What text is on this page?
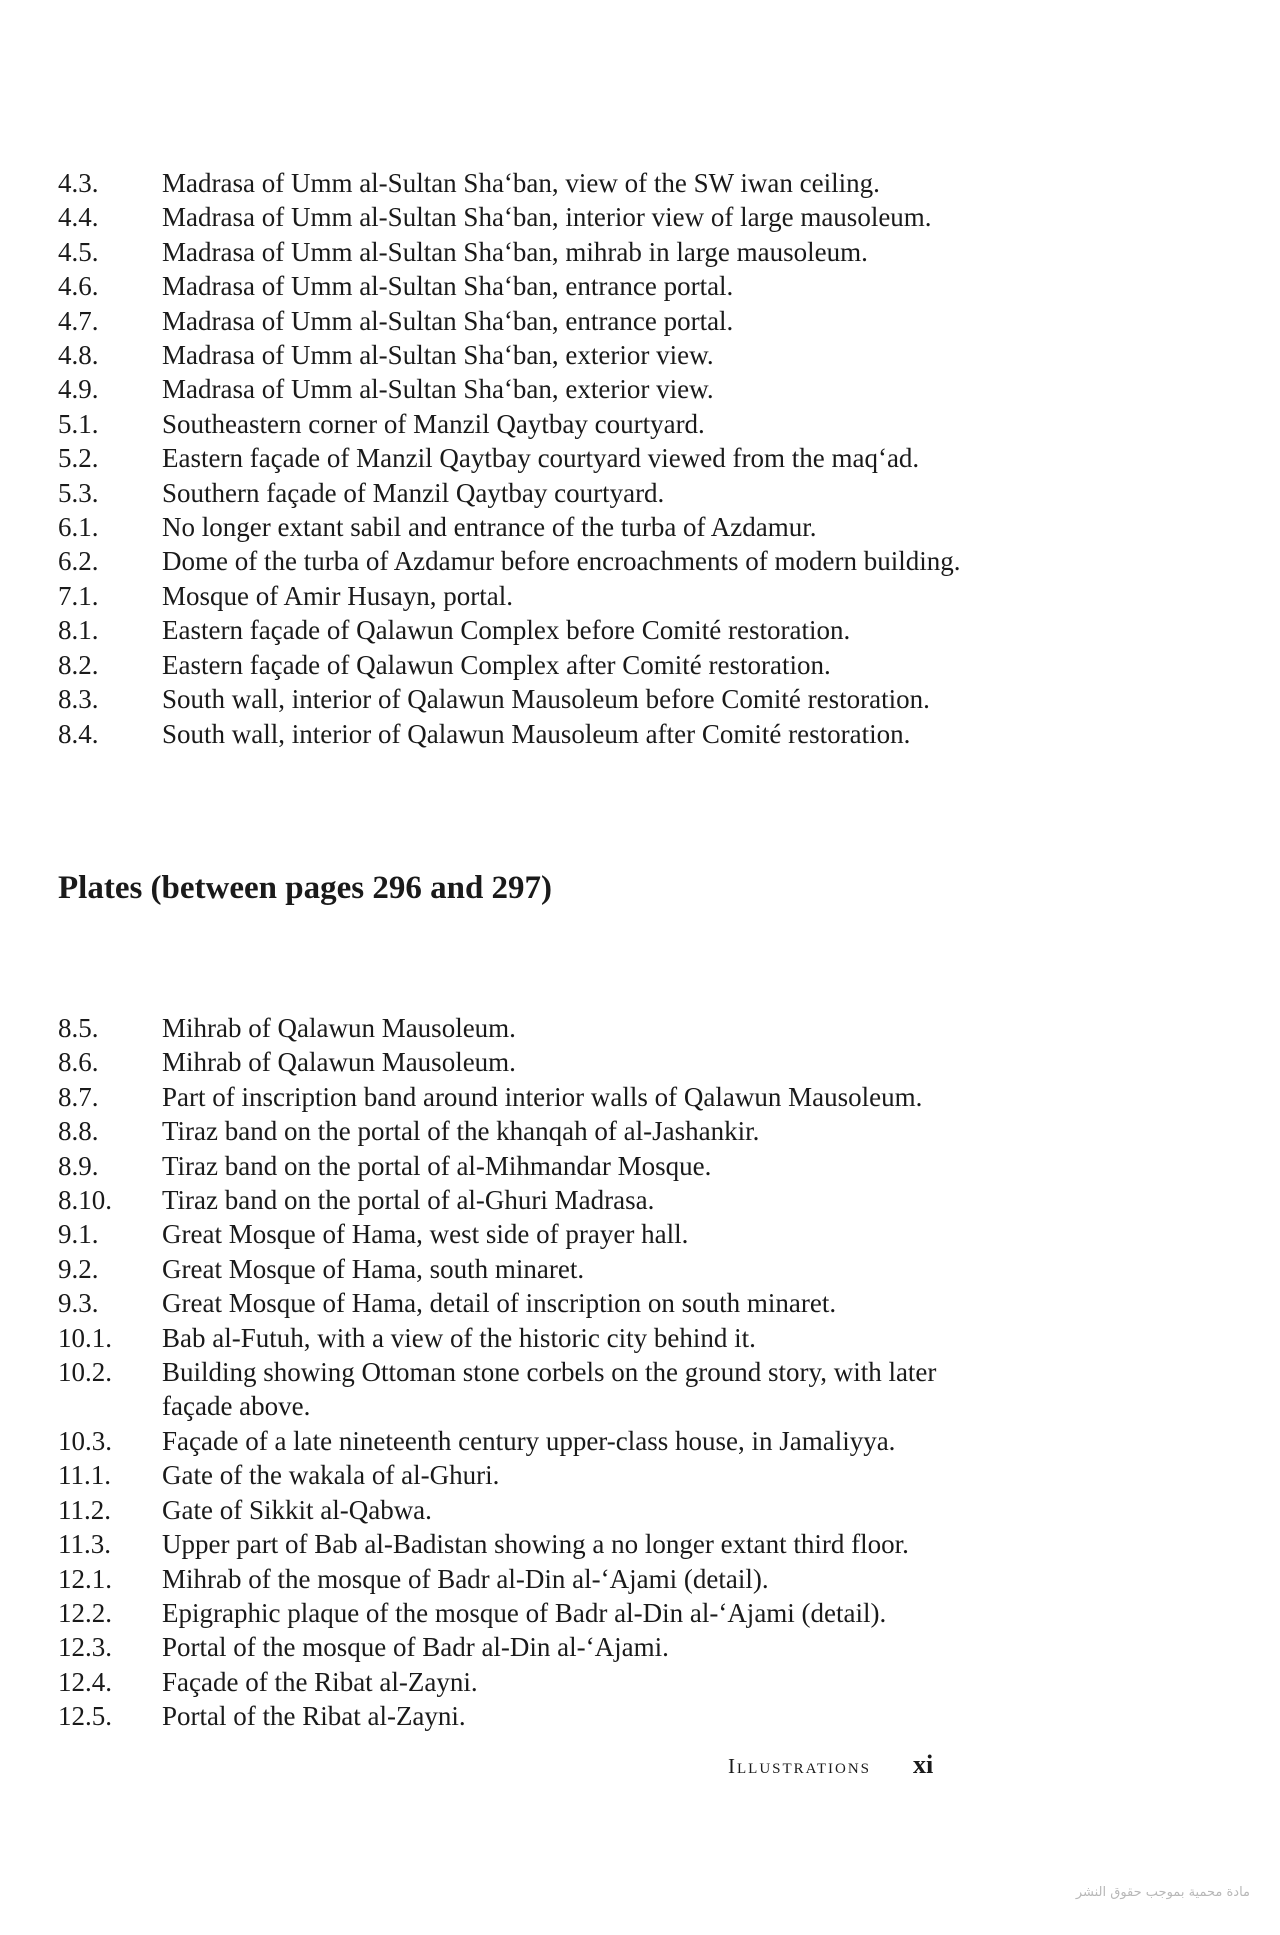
4.3.	Madrasa of Umm al-Sultan Sha‘ban, view of the SW iwan ceiling.
4.4.	Madrasa of Umm al-Sultan Sha‘ban, interior view of large mausoleum.
4.5.	Madrasa of Umm al-Sultan Sha‘ban, mihrab in large mausoleum.
4.6.	Madrasa of Umm al-Sultan Sha‘ban, entrance portal.
4.7.	Madrasa of Umm al-Sultan Sha‘ban, entrance portal.
4.8.	Madrasa of Umm al-Sultan Sha‘ban, exterior view.
4.9.	Madrasa of Umm al-Sultan Sha‘ban, exterior view.
5.1.	Southeastern corner of Manzil Qaytbay courtyard.
5.2.	Eastern façade of Manzil Qaytbay courtyard viewed from the maq‘ad.
5.3.	Southern façade of Manzil Qaytbay courtyard.
6.1.	No longer extant sabil and entrance of the turba of Azdamur.
6.2.	Dome of the turba of Azdamur before encroachments of modern building.
7.1.	Mosque of Amir Husayn, portal.
8.1.	Eastern façade of Qalawun Complex before Comité restoration.
8.2.	Eastern façade of Qalawun Complex after Comité restoration.
8.3.	South wall, interior of Qalawun Mausoleum before Comité restoration.
8.4.	South wall, interior of Qalawun Mausoleum after Comité restoration.
Plates (between pages 296 and 297)
8.5.	Mihrab of Qalawun Mausoleum.
8.6.	Mihrab of Qalawun Mausoleum.
8.7.	Part of inscription band around interior walls of Qalawun Mausoleum.
8.8.	Tiraz band on the portal of the khanqah of al-Jashankir.
8.9.	Tiraz band on the portal of al-Mihmandar Mosque.
8.10.	Tiraz band on the portal of al-Ghuri Madrasa.
9.1.	Great Mosque of Hama, west side of prayer hall.
9.2.	Great Mosque of Hama, south minaret.
9.3.	Great Mosque of Hama, detail of inscription on south minaret.
10.1.	Bab al-Futuh, with a view of the historic city behind it.
10.2.	Building showing Ottoman stone corbels on the ground story, with later façade above.
10.3.	Façade of a late nineteenth century upper-class house, in Jamaliyya.
11.1.	Gate of the wakala of al-Ghuri.
11.2.	Gate of Sikkit al-Qabwa.
11.3.	Upper part of Bab al-Badistan showing a no longer extant third floor.
12.1.	Mihrab of the mosque of Badr al-Din al-‘Ajami (detail).
12.2.	Epigraphic plaque of the mosque of Badr al-Din al-‘Ajami (detail).
12.3.	Portal of the mosque of Badr al-Din al-‘Ajami.
12.4.	Façade of the Ribat al-Zayni.
12.5.	Portal of the Ribat al-Zayni.
Illustrations xi
مادة محمية بموجب حقوق النشر
